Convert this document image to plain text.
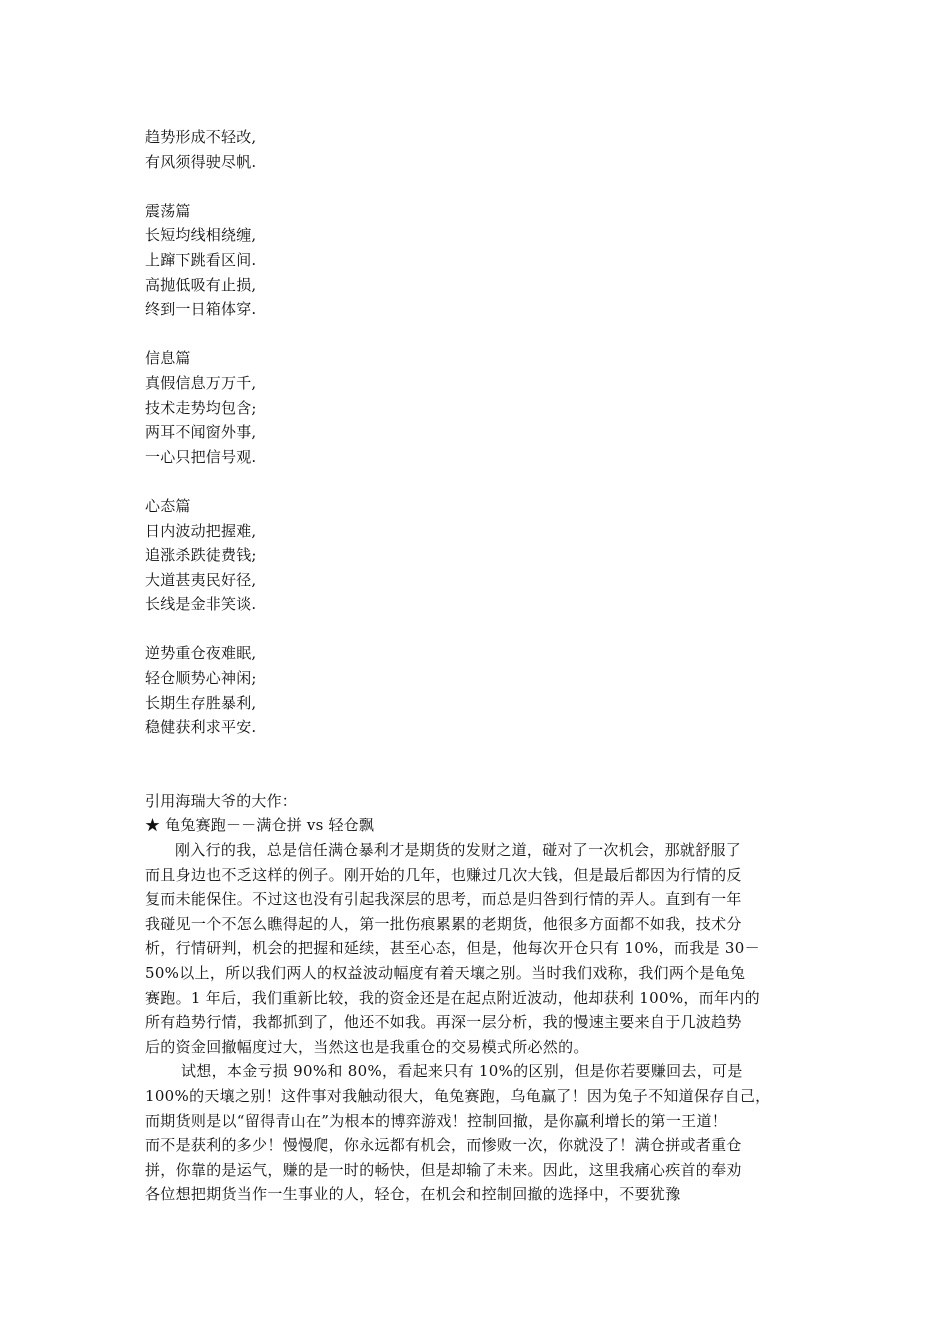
趋势形成不轻改,
有风须得驶尽帆.
震荡篇
长短均线相绕缠,
上蹿下跳看区间.
高抛低吸有止损,
终到一日箱体穿.
信息篇
真假信息万万千,
技术走势均包含;
两耳不闻窗外事,
一心只把信号观.
心态篇
日内波动把握难,
追涨杀跌徒费钱;
大道甚夷民好径,
长线是金非笑谈.
逆势重仓夜难眠,
轻仓顺势心神闲;
长期生存胜暴利,
稳健获利求平安.
引用海瑞大爷的大作：
★ 龟兔赛跑－－满仓拼 vs 轻仓飘
刚入行的我，总是信任满仓暴利才是期货的发财之道，碰对了一次机会，那就舒服了
而且身边也不乏这样的例子。刚开始的几年，也赚过几次大钱，但是最后都因为行情的反
复而未能保住。不过这也没有引起我深层的思考，而总是归咎到行情的弄人。直到有一年
我碰见一个不怎么瞧得起的人，第一批伤痕累累的老期货，他很多方面都不如我，技术分
析，行情研判，机会的把握和延续，甚至心态，但是，他每次开仓只有 10%，而我是 30－
50%以上，所以我们两人的权益波动幅度有着天壤之别。当时我们戏称，我们两个是龟兔
赛跑。1 年后，我们重新比较，我的资金还是在起点附近波动，他却获利 100%，而年内的
所有趋势行情，我都抓到了，他还不如我。再深一层分析，我的慢速主要来自于几波趋势
后的资金回撤幅度过大，当然这也是我重仓的交易模式所必然的。
试想，本金亏损 90%和 80%，看起来只有 10%的区别，但是你若要赚回去，可是
100%的天壤之别！这件事对我触动很大，龟兔赛跑，乌龟赢了！因为兔子不知道保存自己，
而期货则是以“留得青山在”为根本的博弈游戏！控制回撤，是你赢利增长的第一王道！
而不是获利的多少！慢慢爬，你永远都有机会，而惨败一次，你就没了！满仓拼或者重仓
拼，你靠的是运气，赚的是一时的畅快，但是却输了未来。因此，这里我痛心疾首的奉劝
各位想把期货当作一生事业的人，轻仓，在机会和控制回撤的选择中，不要犹豫
